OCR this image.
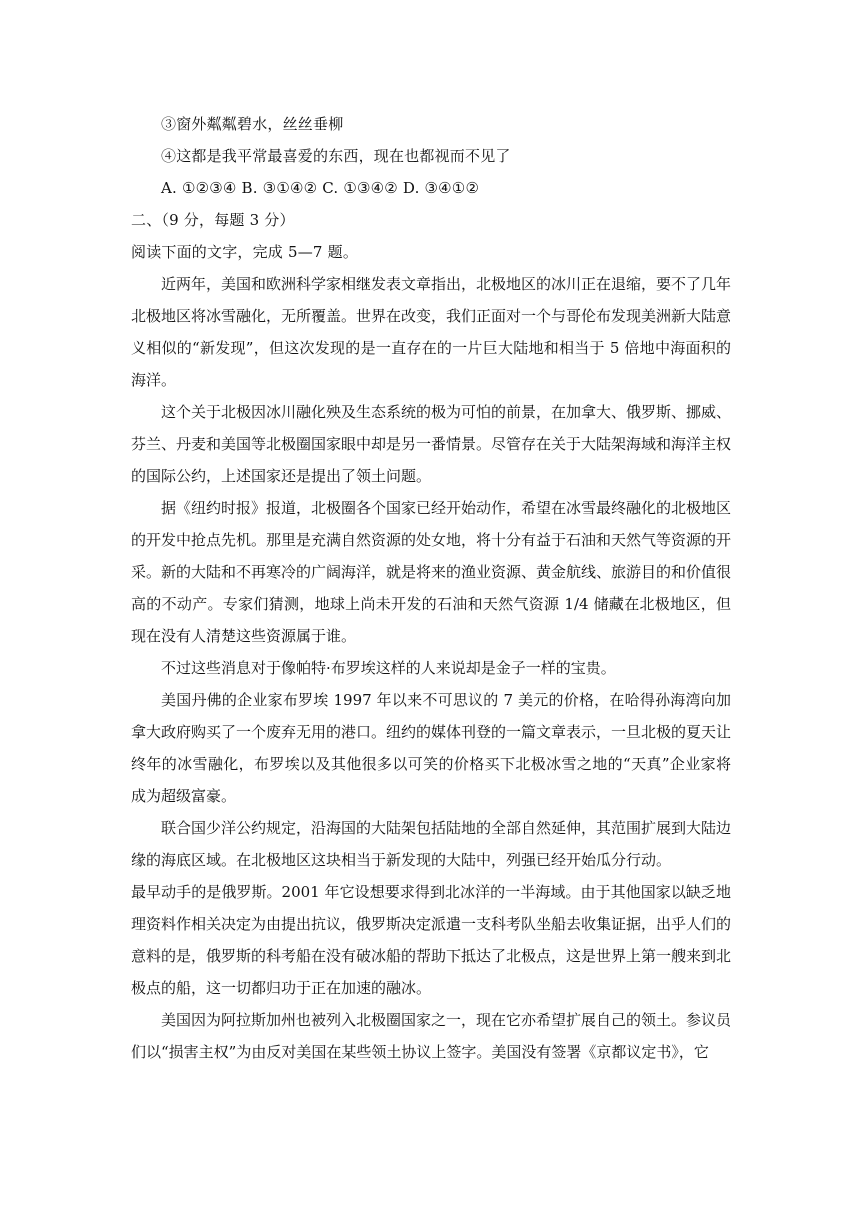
③窗外粼粼碧水，丝丝垂柳
④这都是我平常最喜爱的东西，现在也都视而不见了
A. ①②③④ B. ③①④② C. ①③④② D. ③④①②
二、（9 分，每题 3 分）
阅读下面的文字，完成 5—7 题。

近两年，美国和欧洲科学家相继发表文章指出，北极地区的冰川正在退缩，要不了几年北极地区将冰雪融化，无所覆盖。世界在改变，我们正面对一个与哥伦布发现美洲新大陆意义相似的“新发现”，但这次发现的是一直存在的一片巨大陆地和相当于 5 倍地中海面积的海洋。

这个关于北极因冰川融化殃及生态系统的极为可怕的前景，在加拿大、俄罗斯、挪威、芬兰、丹麦和美国等北极圈国家眼中却是另一番情景。尽管存在关于大陆架海域和海洋主权的国际公约，上述国家还是提出了领土问题。

据《纽约时报》报道，北极圈各个国家已经开始动作，希望在冰雪最终融化的北极地区的开发中抢点先机。那里是充满自然资源的处女地，将十分有益于石油和天然气等资源的开采。新的大陆和不再寒冷的广阔海洋，就是将来的渔业资源、黄金航线、旅游目的和价值很高的不动产。专家们猜测，地球上尚未开发的石油和天然气资源 1/4 储藏在北极地区，但现在没有人清楚这些资源属于谁。

不过这些消息对于像帕特·布罗埃这样的人来说却是金子一样的宝贵。

美国丹佛的企业家布罗埃 1997 年以来不可思议的 7 美元的价格，在哈得孙海湾向加拿大政府购买了一个废弃无用的港口。纽约的媒体刊登的一篇文章表示，一旦北极的夏天让终年的冰雪融化，布罗埃以及其他很多以可笑的价格买下北极冰雪之地的“天真”企业家将成为超级富豪。

联合国少洋公约规定，沿海国的大陆架包括陆地的全部自然延伸，其范围扩展到大陆边缘的海底区域。在北极地区这块相当于新发现的大陆中，列强已经开始瓜分行动。

最早动手的是俄罗斯。2001 年它设想要求得到北冰洋的一半海域。由于其他国家以缺乏地理资料作相关决定为由提出抗议，俄罗斯决定派遣一支科考队坐船去收集证据，出乎人们的意料的是，俄罗斯的科考船在没有破冰船的帮助下抵达了北极点，这是世界上第一艘来到北极点的船，这一切都归功于正在加速的融冰。

美国因为阿拉斯加州也被列入北极圈国家之一，现在它亦希望扩展自己的领土。参议员们以“损害主权”为由反对美国在某些领土协议上签字。美国没有签署《京都议定书》，它
